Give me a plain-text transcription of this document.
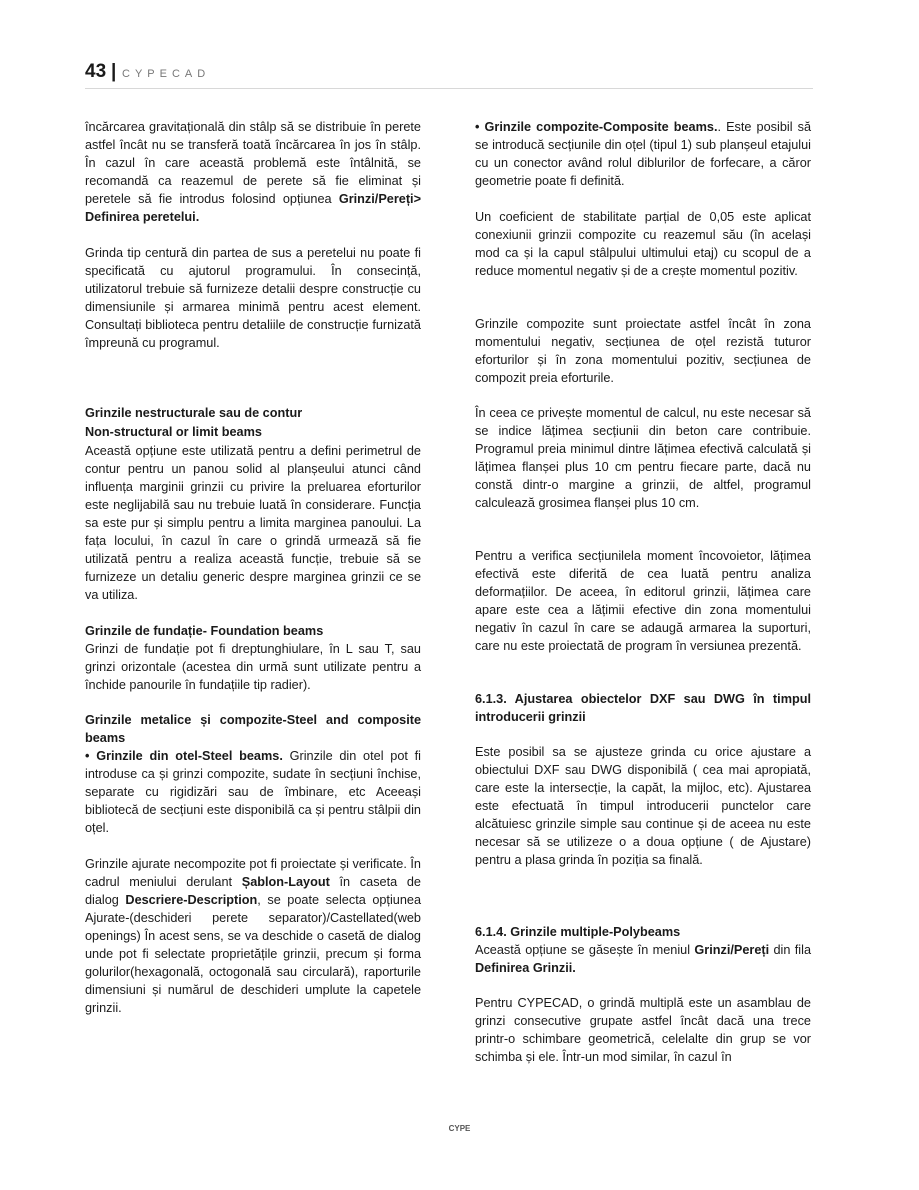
43 | CYPECAD

încărcarea gravitațională din stâlp să se distribuie în perete astfel încât nu se transferă toată încărcarea în jos în stâlp. În cazul în care această problemă este întâlnită, se recomandă ca reazemul de perete să fie eliminat și peretele să fie introdus folosind opțiunea Grinzi/Pereți> Definirea peretelui.

Grinda tip centură din partea de sus a peretelui nu poate fi specificată cu ajutorul programului. În consecință, utilizatorul trebuie să furnizeze detalii despre construcție cu dimensiunile și armarea minimă pentru acest element. Consultați biblioteca pentru detaliile de construcție furnizată împreună cu programul.

Grinzile nestructurale sau de contur

Non-structural or limit beams

Această opțiune este utilizată pentru a defini perimetrul de contur pentru un panou solid al planșeului atunci când influența marginii grinzii cu privire la preluarea eforturilor este neglijabilă sau nu trebuie luată în considerare. Funcția sa este pur și simplu pentru a limita marginea panoului. La fața locului, în cazul în care o grindă urmează să fie utilizată pentru a realiza această funcție, trebuie să se furnizeze un detaliu generic despre marginea grinzii ce se va utiliza.

Grinzile de fundație- Foundation beams

Grinzi de fundație pot fi dreptunghiulare, în L sau T, sau grinzi orizontale (acestea din urmă sunt utilizate pentru a închide panourile în fundațiile tip radier).

Grinzile metalice și compozite-Steel and composite beams

• Grinzile din otel-Steel beams. Grinzile din otel pot fi introduse ca și grinzi compozite, sudate în secțiuni închise, separate cu rigidizări sau de îmbinare, etc Aceeași bibliotecă de secțiuni este disponibilă ca și pentru stâlpii din oțel.

Grinzile ajurate necompozite pot fi proiectate și verificate. În cadrul meniului derulant Șablon-Layout în caseta de dialog Descriere-Description, se poate selecta opțiunea Ajurate-(deschideri perete separator)/Castellated(web openings) În acest sens, se va deschide o casetă de dialog unde pot fi selectate proprietățile grinzii, precum și forma golurilor(hexagonală, octogonală sau circulară), raporturile dimensiuni și numărul de deschideri umplute la capetele grinzii.

• Grinzile compozite-Composite beams.. Este posibil să se introducă secțiunile din oțel (tipul 1) sub planșeul etajului cu un conector având rolul diblurilor de forfecare, a căror geometrie poate fi definită.

Un coeficient de stabilitate parțial de 0,05 este aplicat conexiunii grinzii compozite cu reazemul său (în același mod ca și la capul stâlpului ultimului etaj) cu scopul de a reduce momentul negativ și de a crește momentul pozitiv.

Grinzile compozite sunt proiectate astfel încât în zona momentului negativ, secțiunea de oțel rezistă tuturor eforturilor și în zona momentului pozitiv, secțiunea de compozit preia eforturile.

În ceea ce privește momentul de calcul, nu este necesar să se indice lățimea secțiunii din beton care contribuie. Programul preia minimul dintre lățimea efectivă calculată și lățimea flanșei plus 10 cm pentru fiecare parte, dacă nu constă dintr-o margine a grinzii, de altfel, programul calculează grosimea flanșei plus 10 cm.

Pentru a verifica secțiunilela moment încovoietor, lățimea efectivă este diferită de cea luată pentru analiza deformațiilor. De aceea, în editorul grinzii, lățimea care apare este cea a lățimii efective din zona momentului negativ în cazul în care se adaugă armarea la suporturi, care nu este proiectată de program în versiunea prezentă.

6.1.3. Ajustarea obiectelor DXF sau DWG în timpul introducerii grinzii

Este posibil sa se ajusteze grinda cu orice ajustare a obiectului DXF sau DWG disponibilă ( cea mai apropiată, care este la intersecție, la capăt, la mijloc, etc). Ajustarea este efectuată în timpul introducerii punctelor care alcătuiesc grinzile simple sau continue și de aceea nu este necesar să se utilizeze o a doua opțiune ( de Ajustare) pentru a plasa grinda în poziția sa finală.

6.1.4. Grinzile multiple-Polybeams

Această opțiune se găsește în meniul Grinzi/Pereți din fila Definirea Grinzii.

Pentru CYPECAD, o grindă multiplă este un asamblau de grinzi consecutive grupate astfel încât dacă una trece printr-o schimbare geometrică, celelalte din grup se vor schimba și ele. Într-un mod similar, în cazul în

CYPE
